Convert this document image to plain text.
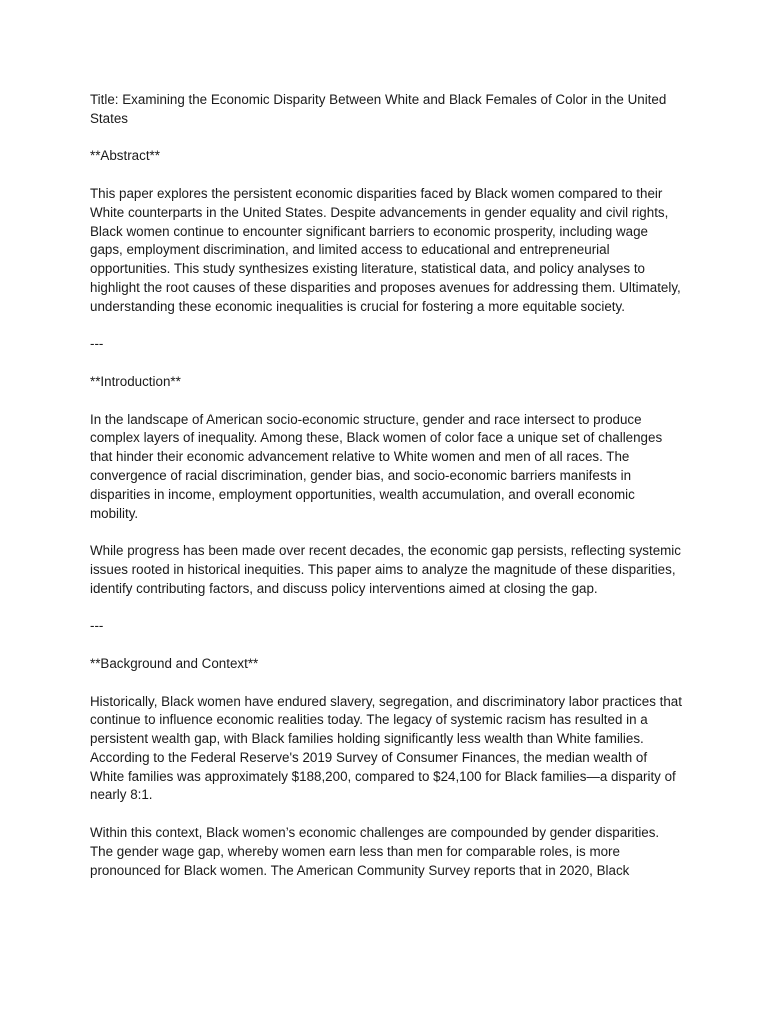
Title: Examining the Economic Disparity Between White and Black Females of Color in the United States

**Abstract**

This paper explores the persistent economic disparities faced by Black women compared to their White counterparts in the United States. Despite advancements in gender equality and civil rights, Black women continue to encounter significant barriers to economic prosperity, including wage gaps, employment discrimination, and limited access to educational and entrepreneurial opportunities. This study synthesizes existing literature, statistical data, and policy analyses to highlight the root causes of these disparities and proposes avenues for addressing them. Ultimately, understanding these economic inequalities is crucial for fostering a more equitable society.

---

**Introduction**

In the landscape of American socio-economic structure, gender and race intersect to produce complex layers of inequality. Among these, Black women of color face a unique set of challenges that hinder their economic advancement relative to White women and men of all races. The convergence of racial discrimination, gender bias, and socio-economic barriers manifests in disparities in income, employment opportunities, wealth accumulation, and overall economic mobility.

While progress has been made over recent decades, the economic gap persists, reflecting systemic issues rooted in historical inequities. This paper aims to analyze the magnitude of these disparities, identify contributing factors, and discuss policy interventions aimed at closing the gap.

---

**Background and Context**

Historically, Black women have endured slavery, segregation, and discriminatory labor practices that continue to influence economic realities today. The legacy of systemic racism has resulted in a persistent wealth gap, with Black families holding significantly less wealth than White families. According to the Federal Reserve's 2019 Survey of Consumer Finances, the median wealth of White families was approximately $188,200, compared to $24,100 for Black families—a disparity of nearly 8:1.

Within this context, Black women’s economic challenges are compounded by gender disparities. The gender wage gap, whereby women earn less than men for comparable roles, is more pronounced for Black women. The American Community Survey reports that in 2020, Black
